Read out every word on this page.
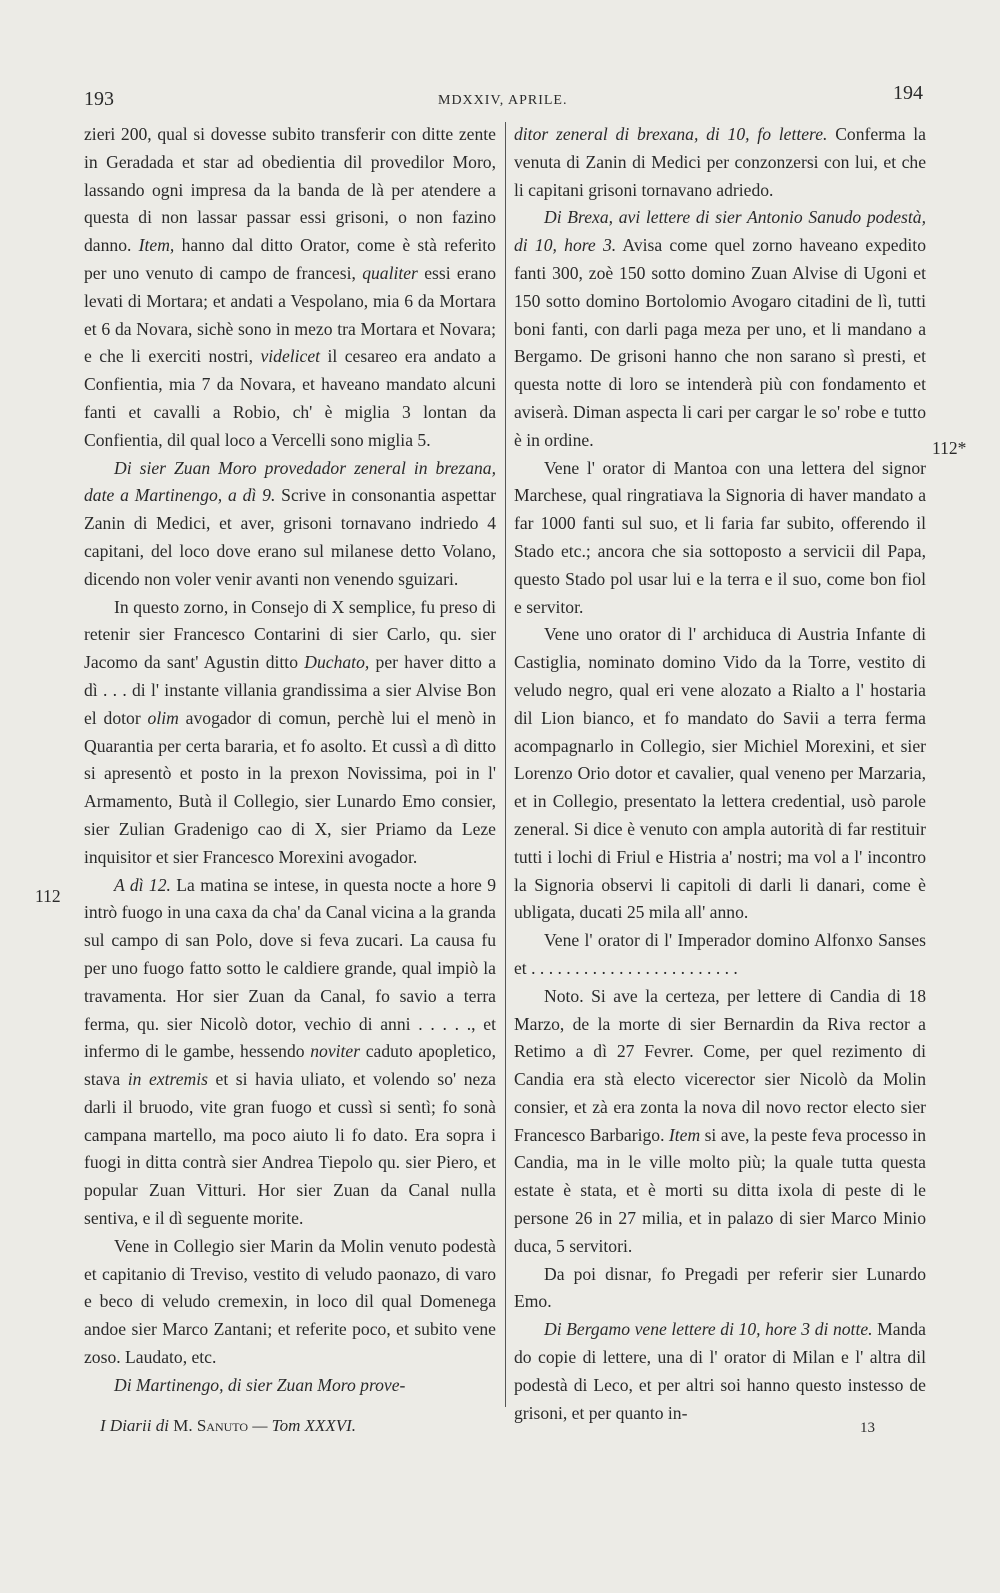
193	MDXXIV, APRILE.	194

zieri 200, qual si dovesse subito transferir con ditte zente in Geradada et star ad obedientia dil provedilor Moro, lassando ogni impresa da la banda de là per atendere a questa di non lassar passar essi grisoni, o non fazino danno. Item, hanno dal ditto Orator, come è stà referito per uno venuto di campo de francesi, qualiter essi erano levati di Mortara; et andati a Vespolano, mia 6 da Mortara et 6 da Novara, sichè sono in mezo tra Mortara et Novara; e che li exerciti nostri, videlicet il cesareo era andato a Confientia, mia 7 da Novara, et haveano mandato alcuni fanti et cavalli a Robio, ch' è miglia 3 lontan da Confientia, dil qual loco a Vercelli sono miglia 5.

Di sier Zuan Moro provedador zeneral in brezana, date a Martinengo, a dì 9. Scrive in consonantia aspettar Zanin di Medici, et aver, grisoni tornavano indriedo 4 capitani, del loco dove erano sul milanese detto Volano, dicendo non voler venir avanti non venendo sguizari.

In questo zorno, in Consejo di X semplice, fu preso di retenir sier Francesco Contarini di sier Carlo, qu. sier Jacomo da sant' Agustin ditto Duchato, per haver ditto a dì . . . di l' instante villania grandissima a sier Alvise Bon el dotor olim avogador di comun, perchè lui el menò in Quarantia per certa bararia, et fo asolto. Et cussì a dì ditto si apresentò et posto in la prexon Novissima, poi in l' Armamento, Butà il Collegio, sier Lunardo Emo consier, sier Zulian Gradenigo cao di X, sier Priamo da Leze inquisitor et sier Francesco Morexini avogador.

A dì 12. La matina se intese, in questa nocte a hore 9 intrò fuogo in una caxa da cha' da Canal vicina a la granda sul campo di san Polo, dove si feva zucari. La causa fu per uno fuogo fatto sotto le caldiere grande, qual impiò la travamenta. Hor sier Zuan da Canal, fo savio a terra ferma, qu. sier Nicolò dotor, vechio di anni . . . . ., et infermo di le gambe, hessendo noviter caduto apopletico, stava in extremis et si havia uliato, et volendo so' neza darli il bruodo, vite gran fuogo et cussì si sentì; fo sonà campana martello, ma poco aiuto li fo dato. Era sopra i fuogi in ditta contrà sier Andrea Tiepolo qu. sier Piero, et popular Zuan Vitturi. Hor sier Zuan da Canal nulla sentiva, e il dì seguente morite.

Vene in Collegio sier Marin da Molin venuto podestà et capitanio di Treviso, vestito di veludo paonazo, di varo e beco di veludo cremexin, in loco dil qual Domenega andoe sier Marco Zantani; et referite poco, et subito vene zoso. Laudato, etc.

Di Martinengo, di sier Zuan Moro prove-

ditor zeneral di brexana, di 10, fo lettere. Conferma la venuta di Zanin di Medici per conzonzersi con lui, et che li capitani grisoni tornavano adriedo.

Di Brexa, avi lettere di sier Antonio Sanudo podestà, di 10, hore 3. Avisa come quel zorno haveano expedito fanti 300, zoè 150 sotto domino Zuan Alvise di Ugoni et 150 sotto domino Bortolomio Avogaro citadini de lì, tutti boni fanti, con darli paga meza per uno, et li mandano a Bergamo. De grisoni hanno che non sarano sì presti, et questa notte di loro se intenderà più con fondamento et aviserà. Diman aspecta li cari per cargar le so' robe e tutto è in ordine.

Vene l' orator di Mantoa con una lettera del signor Marchese, qual ringratiava la Signoria di haver mandato a far 1000 fanti sul suo, et li faria far subito, offerendo il Stado etc.; ancora che sia sottoposto a servicii dil Papa, questo Stado pol usar lui e la terra e il suo, come bon fiol e servitor.

Vene uno orator di l' archiduca di Austria Infante di Castiglia, nominato domino Vido da la Torre, vestito di veludo negro, qual eri vene alozato a Rialto a l' hostaria dil Lion bianco, et fo mandato do Savii a terra ferma acompagnarlo in Collegio, sier Michiel Morexini, et sier Lorenzo Orio dotor et cavalier, qual veneno per Marzaria, et in Collegio, presentato la lettera credential, usò parole zeneral. Si dice è venuto con ampla autorità di far restituir tutti i lochi di Friul e Histria a' nostri; ma vol a l' incontro la Signoria observi li capitoli di darli li danari, come è ubligata, ducati 25 mila all' anno.

Vene l' orator di l' Imperador domino Alfonxo Sanses et . . . . . . . . . . . . . . . . . . . . . . . .

Noto. Si ave la certeza, per lettere di Candia di 18 Marzo, de la morte di sier Bernardin da Riva rector a Retimo a dì 27 Fevrer. Come, per quel rezimento di Candia era stà electo vicerector sier Nicolò da Molin consier, et zà era zonta la nova dil novo rector electo sier Francesco Barbarigo. Item si ave, la peste feva processo in Candia, ma in le ville molto più; la quale tutta questa estate è stata, et è morti su ditta ixola di peste di le persone 26 in 27 milia, et in palazo di sier Marco Minio duca, 5 servitori.

Da poi disnar, fo Pregadi per referir sier Lunardo Emo.

Di Bergamo vene lettere di 10, hore 3 di notte. Manda do copie di lettere, una di l' orator di Milan e l' altra dil podestà di Leco, et per altri soi hanno questo instesso de grisoni, et per quanto in-

112
112*
I Diarii di M. Sanuto — Tom XXXVI.	13
